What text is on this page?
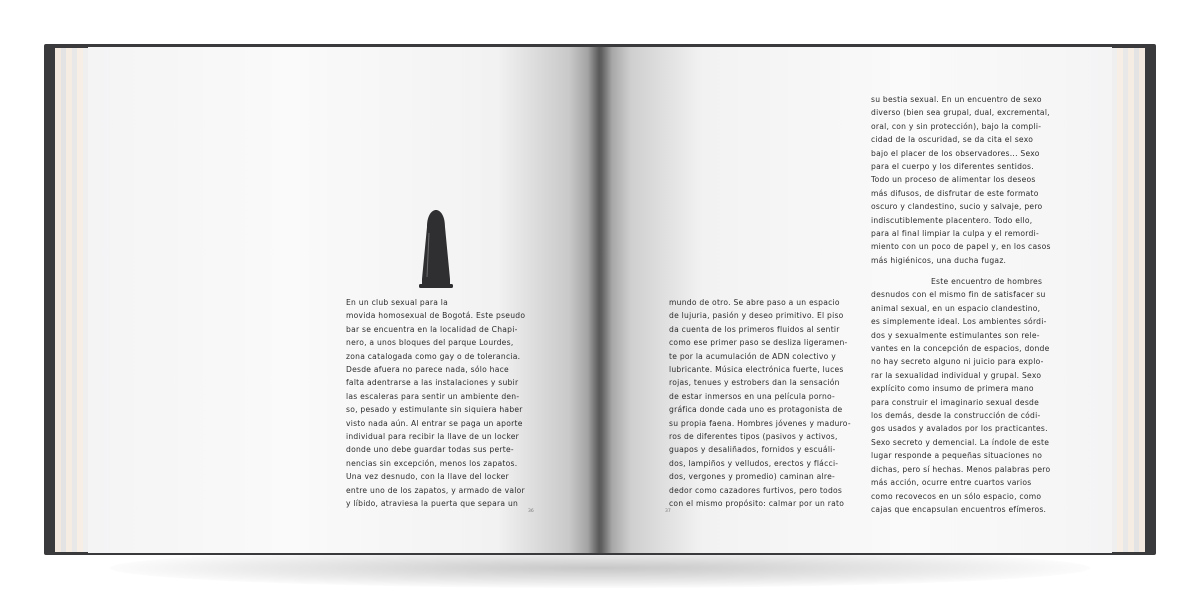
En un club sexual para la
movida homosexual de Bogotá. Este pseudo
bar se encuentra en la localidad de Chapi-
nero, a unos bloques del parque Lourdes,
zona catalogada como gay o de tolerancia.
Desde afuera no parece nada, sólo hace
falta adentrarse a las instalaciones y subir
las escaleras para sentir un ambiente den-
so, pesado y estimulante sin siquiera haber
visto nada aún. Al entrar se paga un aporte
individual para recibir la llave de un locker
donde uno debe guardar todas sus perte-
nencias sin excepción, menos los zapatos.
Una vez desnudo, con la llave del locker
entre uno de los zapatos, y armado de valor
y líbido, atraviesa la puerta que separa un
36
su bestia sexual. En un encuentro de sexo
diverso (bien sea grupal, dual, excremental,
oral, con y sin protección), bajo la compli-
cidad de la oscuridad, se da cita el sexo
bajo el placer de los observadores... Sexo
para el cuerpo y los diferentes sentidos.
Todo un proceso de alimentar los deseos
más difusos, de disfrutar de este formato
oscuro y clandestino, sucio y salvaje, pero
indiscutiblemente placentero. Todo ello,
para al final limpiar la culpa y el remordi-
miento con un poco de papel y, en los casos
más higiénicos, una ducha fugaz.
Este encuentro de hombres
desnudos con el mismo fin de satisfacer su
animal sexual, en un espacio clandestino,
es simplemente ideal. Los ambientes sórdi-
dos y sexualmente estimulantes son rele-
vantes en la concepción de espacios, donde
no hay secreto alguno ni juicio para explo-
rar la sexualidad individual y grupal. Sexo
explícito como insumo de primera mano
para construir el imaginario sexual desde
los demás, desde la construcción de códi-
gos usados y avalados por los practicantes.
Sexo secreto y demencial. La índole de este
lugar responde a pequeñas situaciones no
dichas, pero sí hechas. Menos palabras pero
más acción, ocurre entre cuartos varios
como recovecos en un sólo espacio, como
cajas que encapsulan encuentros efímeros.
mundo de otro. Se abre paso a un espacio
de lujuria, pasión y deseo primitivo. El piso
da cuenta de los primeros fluidos al sentir
como ese primer paso se desliza ligeramen-
te por la acumulación de ADN colectivo y
lubricante. Música electrónica fuerte, luces
rojas, tenues y estrobers dan la sensación
de estar inmersos en una película porno-
gráfica donde cada uno es protagonista de
su propia faena. Hombres jóvenes y maduro-
ros de diferentes tipos (pasivos y activos,
guapos y desaliñados, fornidos y escuáli-
dos, lampiños y velludos, erectos y flácci-
dos, vergones y promedio) caminan alre-
dedor como cazadores furtivos, pero todos
con el mismo propósito: calmar por un rato
37
